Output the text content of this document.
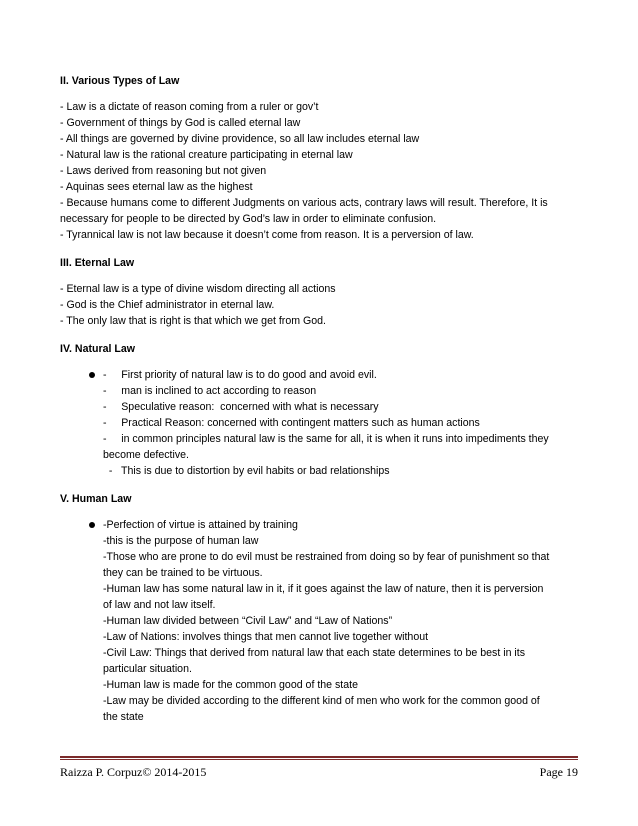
II. Various Types of Law

- Law is a dictate of reason coming from a ruler or gov’t

- Government of things by God is called eternal law

- All things are governed by divine providence, so all law includes eternal law

- Natural law is the rational creature participating in eternal law

- Laws derived from reasoning but not given

- Aquinas sees eternal law as the highest

- Because humans come to different Judgments on various acts, contrary laws will result. Therefore, It is

necessary for people to be directed by God’s law in order to eliminate confusion.

- Tyrannical law is not law because it doesn’t come from reason. It is a perversion of law.

III. Eternal Law

- Eternal law is a type of divine wisdom directing all actions

- God is the Chief administrator in eternal law.

- The only law that is right is that which we get from God.

IV. Natural Law

-     First priority of natural law is to do good and avoid evil.

-     man is inclined to act according to reason

-     Speculative reason:  concerned with what is necessary

-     Practical Reason: concerned with contingent matters such as human actions

-     in common principles natural law is the same for all, it is when it runs into impediments they

become defective.

-   This is due to distortion by evil habits or bad relationships

V. Human Law

-Perfection of virtue is attained by training

-this is the purpose of human law

-Those who are prone to do evil must be restrained from doing so by fear of punishment so that

they can be trained to be virtuous.

-Human law has some natural law in it, if it goes against the law of nature, then it is perversion

of law and not law itself.

-Human law divided between “Civil Law” and “Law of Nations”

-Law of Nations: involves things that men cannot live together without

-Civil Law: Things that derived from natural law that each state determines to be best in its

particular situation.

-Human law is made for the common good of the state

-Law may be divided according to the different kind of men who work for the common good of

the state

Raizza P. Corpuz© 2014-2015	Page 19
